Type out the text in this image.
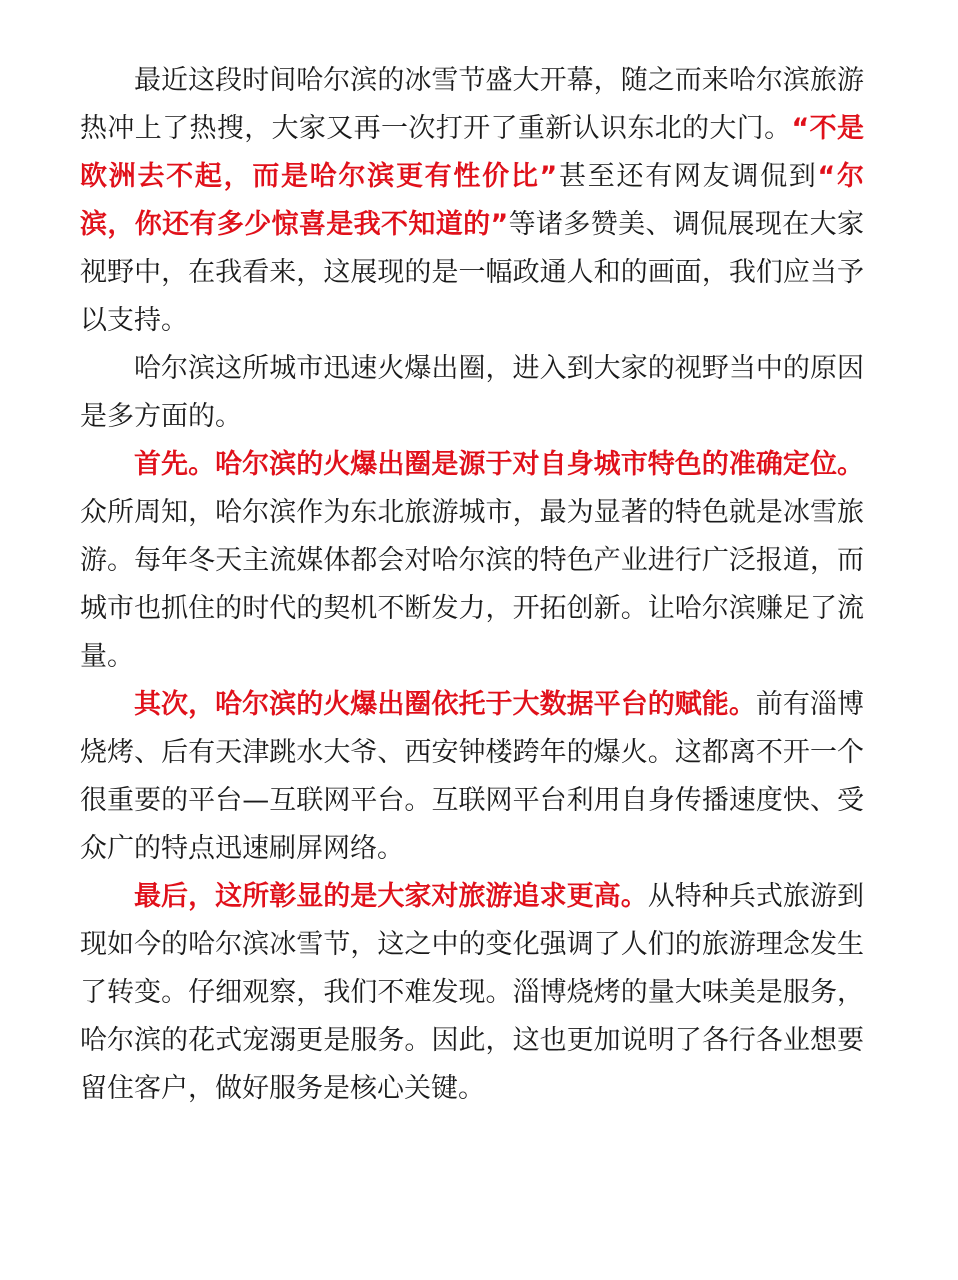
最近这段时间哈尔滨的冰雪节盛大开幕，随之而来哈尔滨旅游热冲上了热搜，大家又再一次打开了重新认识东北的大门。“不是欧洲去不起，而是哈尔滨更有性价比”甚至还有网友调侃到“尔滨，你还有多少惊喜是我不知道的”等诸多赞美、调侃展现在大家视野中，在我看来，这展现的是一幅政通人和的画面，我们应当予以支持。

哈尔滨这所城市迅速火爆出圈，进入到大家的视野当中的原因是多方面的。

首先。哈尔滨的火爆出圈是源于对自身城市特色的准确定位。众所周知，哈尔滨作为东北旅游城市，最为显著的特色就是冰雪旅游。每年冬天主流媒体都会对哈尔滨的特色产业进行广泛报道，而城市也抓住的时代的契机不断发力，开拓创新。让哈尔滨赚足了流量。

其次，哈尔滨的火爆出圈依托于大数据平台的赋能。前有淄博烧烤、后有天津跳水大爷、西安钟楼跨年的爆火。这都离不开一个很重要的平台—互联网平台。互联网平台利用自身传播速度快、受众广的特点迅速刷屏网络。

最后，这所彰显的是大家对旅游追求更高。从特种兵式旅游到现如今的哈尔滨冰雪节，这之中的变化强调了人们的旅游理念发生了转变。仔细观察，我们不难发现。淄博烧烤的量大味美是服务，哈尔滨的花式宠溺更是服务。因此，这也更加说明了各行各业想要留住客户，做好服务是核心关键。
